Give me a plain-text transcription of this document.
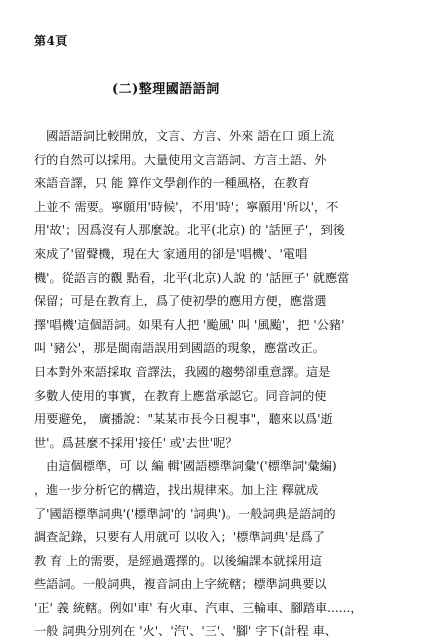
第4頁
(二)整理國語語詞
　國語語詞比較開放，文言、方言、外來 語在口 頭上流
行的自然可以採用。大量使用文言語詞、方言土語、外
來語音譯，只 能 算作文學創作的一種風格，在教育
上並不 需要。寧願用'時候'，不用'時'；寧願用'所以'，不
用'故'；因爲沒有人那麼說。北平(北京) 的 '話匣子'，到後
來成了'留聲機，現在大 家通用的卻是'唱機'、'電唱
機'。從語言的觀 點看，北平(北京)人說 的 '話匣子' 就應當
保留；可是在教育上，爲了使初學的應用方便，應當選
擇'唱機'這個語詞。如果有人把 '颱風' 叫 '風颱'，把 '公豬'
叫 '豬公'，那是閩南語誤用到國語的現象，應當改正。
日本對外來語採取 音譯法，我國的趨勢卻重意譯。這是
多數人使用的事實，在教育上應當承認它。同音詞的使
用要避免， 廣播說："某某市長今日視事"，聽來以爲'逝
世'。爲甚麼不採用'接任' 或'去世'呢？
　由這個標準，可 以 編 輯'國語標準詞彙'('標準詞'彙編)
，進一步分析它的構造，找出規律來。加上注 釋就成
了'國語標準詞典'('標準詞'的 '詞典')。一般詞典是語詞的
調查記錄，只要有人用就可 以收入；'標準詞典'是爲了
教 育 上的需要，是經過選擇的。以後編課本就採用這
些語詞。一般詞典，複音詞由上字統轄；標準詞典要以
'正' 義 統轄。例如'車' 有火車、汽車、三輪車、腳踏車......，
一般 詞典分別列在 '火'、'汽'、'三'、'腳' 字下(計程 車、
